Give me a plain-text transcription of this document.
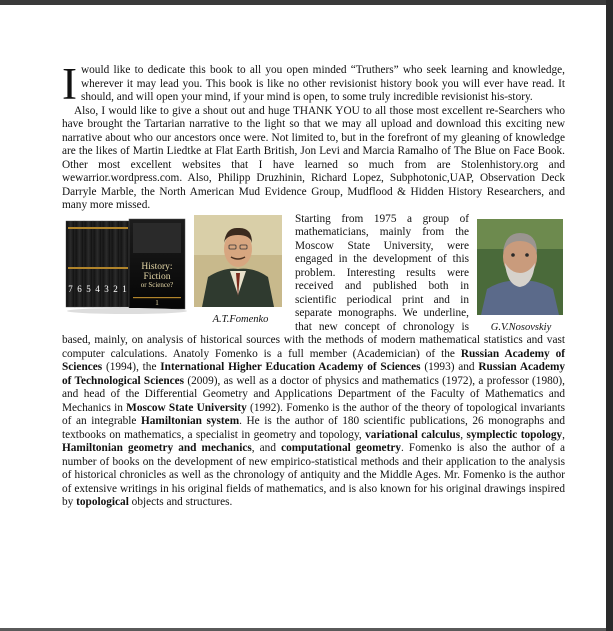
Iwould like to dedicate this book to all you open minded “Truthers” who seek learning and knowledge, wherever it may lead you. This book is like no other revisionist history book you will ever have read. It should, and will open your mind, if your mind is open, to some truly incredible revisionist his-story.

Also, I would like to give a shout out and huge THANK YOU to all those most excellent re-Searchers who have brought the Tartarian narrative to the light so that we may all upload and download this exciting new narrative about who our ancestors once were. Not limited to, but in the forefront of my gleaning of knowledge are the likes of Martin Liedtke at Flat Earth British, Jon Levi and Marcia Ramalho of The Blue on Face Book. Other most excellent websites that I have learned so much from are Stolenhistory.org and wewarrior.wordpress.com. Also, Philipp Druzhinin, Richard Lopez, Subphotonic,UAP, Observation Deck Darryle Marble, the North American Mud Evidence Group, Mudflood & Hidden History Researchers, and many more missed.

History:
Fiction
or Science?
1
7 6 5 4 3 2 1
A.T.Fomenko

G.V.Nosovskiy
Starting from 1975 a group of mathematicians, mainly from the Moscow State University, were engaged in the development of this problem. Interesting results were received and published both in scientific periodical print and in separate monographs. We underline, that new concept of chronology is based, mainly, on analysis of historical sources with the methods of modern mathematical statistics and vast computer calculations. Anatoly Fomenko is a full member (Academician) of the Russian Academy of Sciences (1994), the International Higher Education Academy of Sciences (1993) and Russian Academy of Technological Sciences (2009), as well as a doctor of physics and mathematics (1972), a professor (1980), and head of the Differential Geometry and Applications Department of the Faculty of Mathematics and Mechanics in Moscow State University (1992). Fomenko is the author of the theory of topological invariants of an integrable Hamiltonian system. He is the author of 180 scientific publications, 26 monographs and textbooks on mathematics, a specialist in geometry and topology, variational calculus, symplectic topology, Hamiltonian geometry and mechanics, and computational geometry. Fomenko is also the author of a number of books on the development of new empirico-statistical methods and their application to the analysis of historical chronicles as well as the chronology of antiquity and the Middle Ages. Mr. Fomenko is the author of extensive writings in his original fields of mathematics, and is also known for his original drawings inspired by topological objects and structures.
